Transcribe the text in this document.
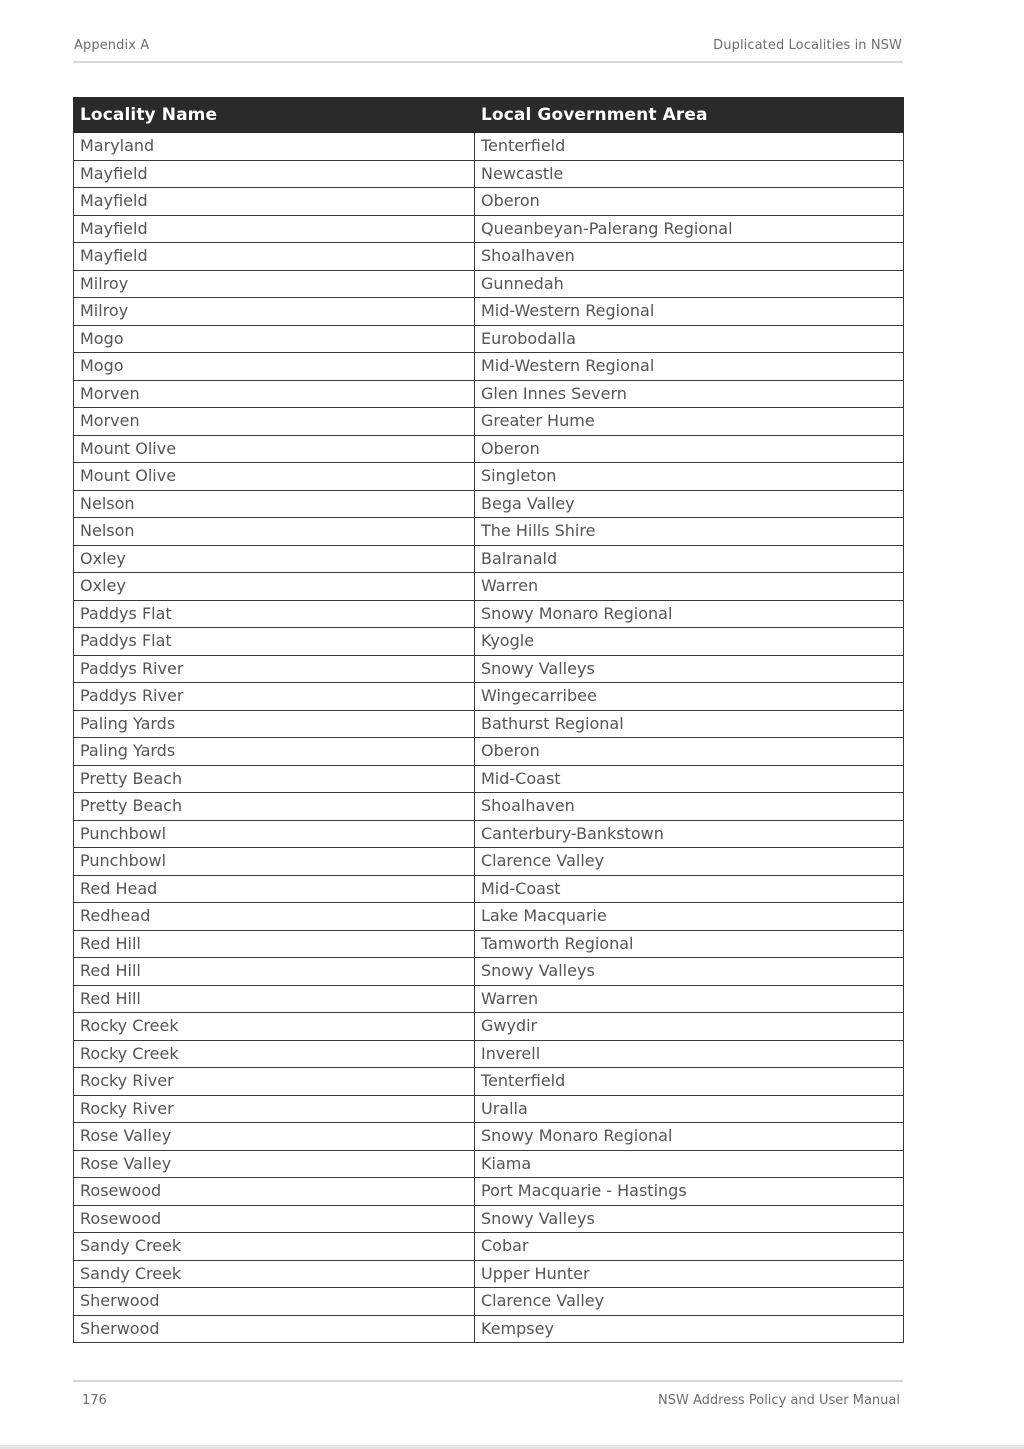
Appendix A	Duplicated Localities in NSW
Locality Name	Local Government Area
Maryland	Tenterfield
Mayfield	Newcastle
Mayfield	Oberon
Mayfield	Queanbeyan-Palerang Regional
Mayfield	Shoalhaven
Milroy	Gunnedah
Milroy	Mid-Western Regional
Mogo	Eurobodalla
Mogo	Mid-Western Regional
Morven	Glen Innes Severn
Morven	Greater Hume
Mount Olive	Oberon
Mount Olive	Singleton
Nelson	Bega Valley
Nelson	The Hills Shire
Oxley	Balranald
Oxley	Warren
Paddys Flat	Snowy Monaro Regional
Paddys Flat	Kyogle
Paddys River	Snowy Valleys
Paddys River	Wingecarribee
Paling Yards	Bathurst Regional
Paling Yards	Oberon
Pretty Beach	Mid-Coast
Pretty Beach	Shoalhaven
Punchbowl	Canterbury-Bankstown
Punchbowl	Clarence Valley
Red Head	Mid-Coast
Redhead	Lake Macquarie
Red Hill	Tamworth Regional
Red Hill	Snowy Valleys
Red Hill	Warren
Rocky Creek	Gwydir
Rocky Creek	Inverell
Rocky River	Tenterfield
Rocky River	Uralla
Rose Valley	Snowy Monaro Regional
Rose Valley	Kiama
Rosewood	Port Macquarie - Hastings
Rosewood	Snowy Valleys
Sandy Creek	Cobar
Sandy Creek	Upper Hunter
Sherwood	Clarence Valley
Sherwood	Kempsey
176	NSW Address Policy and User Manual
